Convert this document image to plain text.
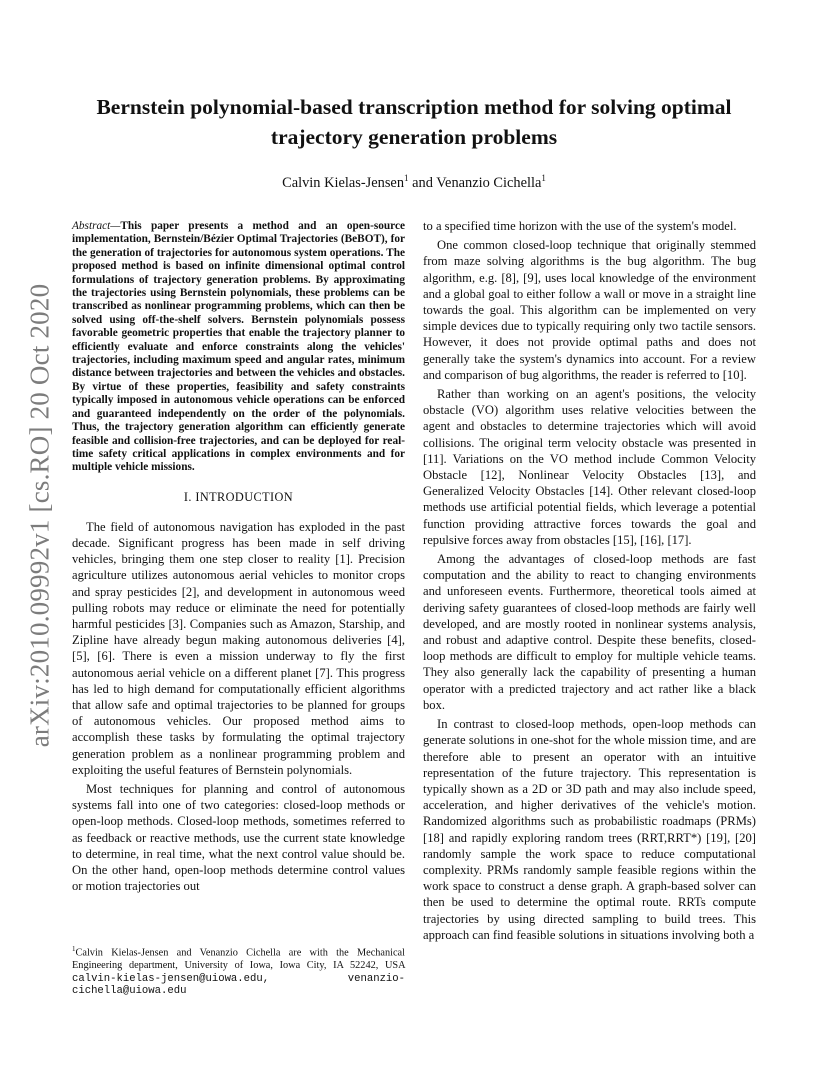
Bernstein polynomial-based transcription method for solving optimal trajectory generation problems
Calvin Kielas-Jensen$^1$ and Venanzio Cichella$^1$
arXiv:2010.09992v1 [cs.RO] 20 Oct 2020

Abstract—This paper presents a method and an open-source implementation, Bernstein/Bézier Optimal Trajectories (BeBOT), for the generation of trajectories for autonomous system operations. The proposed method is based on infinite dimensional optimal control formulations of trajectory generation problems. By approximating the trajectories using Bernstein polynomials, these problems can be transcribed as nonlinear programming problems, which can then be solved using off-the-shelf solvers. Bernstein polynomials possess favorable geometric properties that enable the trajectory planner to efficiently evaluate and enforce constraints along the vehicles' trajectories, including maximum speed and angular rates, minimum distance between trajectories and between the vehicles and obstacles. By virtue of these properties, feasibility and safety constraints typically imposed in autonomous vehicle operations can be enforced and guaranteed independently on the order of the polynomials. Thus, the trajectory generation algorithm can efficiently generate feasible and collision-free trajectories, and can be deployed for real-time safety critical applications in complex environments and for multiple vehicle missions.

I. INTRODUCTION

The field of autonomous navigation has exploded in the past decade. Significant progress has been made in self driving vehicles, bringing them one step closer to reality [1]. Precision agriculture utilizes autonomous aerial vehicles to monitor crops and spray pesticides [2], and development in autonomous weed pulling robots may reduce or eliminate the need for potentially harmful pesticides [3]. Companies such as Amazon, Starship, and Zipline have already begun making autonomous deliveries [4], [5], [6]. There is even a mission underway to fly the first autonomous aerial vehicle on a different planet [7]. This progress has led to high demand for computationally efficient algorithms that allow safe and optimal trajectories to be planned for groups of autonomous vehicles. Our proposed method aims to accomplish these tasks by formulating the optimal trajectory generation problem as a nonlinear programming problem and exploiting the useful features of Bernstein polynomials.

Most techniques for planning and control of autonomous systems fall into one of two categories: closed-loop methods or open-loop methods. Closed-loop methods, sometimes referred to as feedback or reactive methods, use the current state knowledge to determine, in real time, what the next control value should be. On the other hand, open-loop methods determine control values or motion trajectories out

$^1$Calvin Kielas-Jensen and Venanzio Cichella are with the Mechanical Engineering department, University of Iowa, Iowa City, IA 52242, USA calvin-kielas-jensen@uiowa.edu,	venanzio-cichella@uiowa.edu

to a specified time horizon with the use of the system's model.

One common closed-loop technique that originally stemmed from maze solving algorithms is the bug algorithm. The bug algorithm, e.g. [8], [9], uses local knowledge of the environment and a global goal to either follow a wall or move in a straight line towards the goal. This algorithm can be implemented on very simple devices due to typically requiring only two tactile sensors. However, it does not provide optimal paths and does not generally take the system's dynamics into account. For a review and comparison of bug algorithms, the reader is referred to [10].

Rather than working on an agent's positions, the velocity obstacle (VO) algorithm uses relative velocities between the agent and obstacles to determine trajectories which will avoid collisions. The original term velocity obstacle was presented in [11]. Variations on the VO method include Common Velocity Obstacle [12], Nonlinear Velocity Obstacles [13], and Generalized Velocity Obstacles [14]. Other relevant closed-loop methods use artificial potential fields, which leverage a potential function providing attractive forces towards the goal and repulsive forces away from obstacles [15], [16], [17].

Among the advantages of closed-loop methods are fast computation and the ability to react to changing environments and unforeseen events. Furthermore, theoretical tools aimed at deriving safety guarantees of closed-loop methods are fairly well developed, and are mostly rooted in nonlinear systems analysis, and robust and adaptive control. Despite these benefits, closed-loop methods are difficult to employ for multiple vehicle teams. They also generally lack the capability of presenting a human operator with a predicted trajectory and act rather like a black box.

In contrast to closed-loop methods, open-loop methods can generate solutions in one-shot for the whole mission time, and are therefore able to present an operator with an intuitive representation of the future trajectory. This representation is typically shown as a 2D or 3D path and may also include speed, acceleration, and higher derivatives of the vehicle's motion. Randomized algorithms such as probabilistic roadmaps (PRMs) [18] and rapidly exploring random trees (RRT,RRT*) [19], [20] randomly sample the work space to reduce computational complexity. PRMs randomly sample feasible regions within the work space to construct a dense graph. A graph-based solver can then be used to determine the optimal route. RRTs compute trajectories by using directed sampling to build trees. This approach can find feasible solutions in situations involving both a
